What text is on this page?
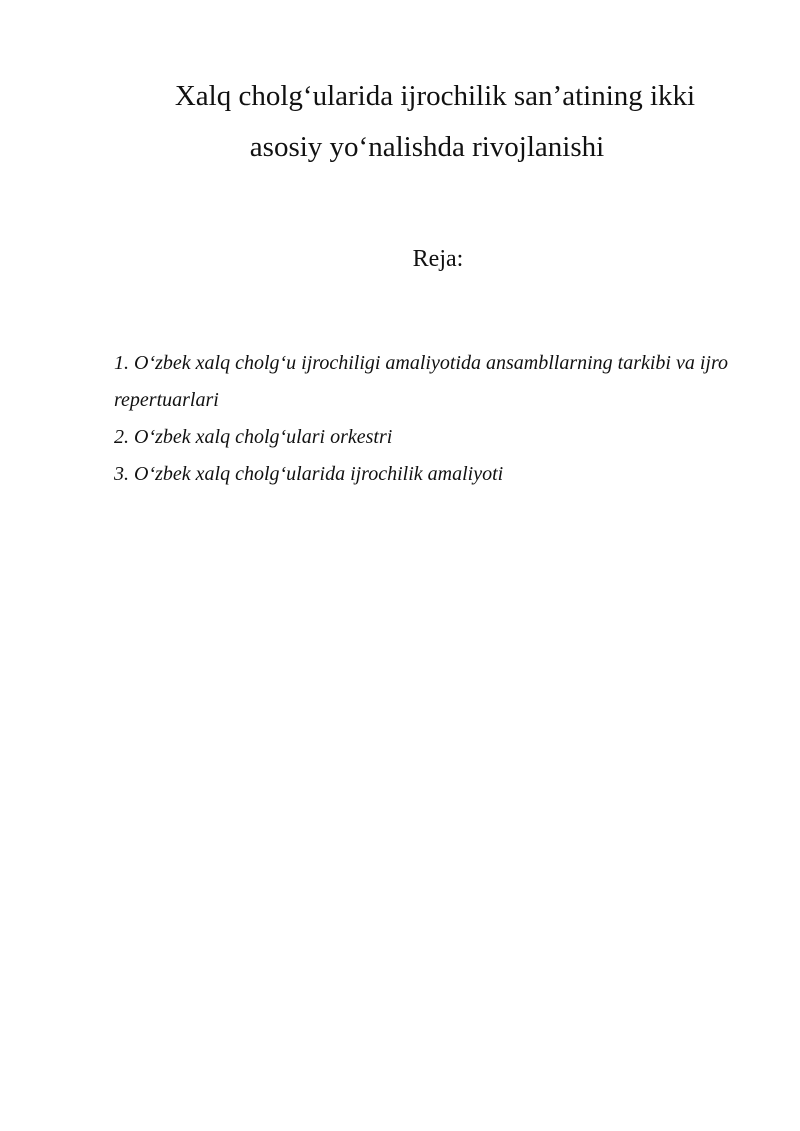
Xalq cholg‘ularida ijrochilik san’atining ikki
asosiy yo‘nalishda rivojlanishi
Reja:
1. O‘zbek xalq cholg‘u ijrochiligi amaliyotida ansambllarning tarkibi va ijro repertuarlari
2. O‘zbek xalq cholg‘ulari orkestri
3. O‘zbek xalq cholg‘ularida ijrochilik amaliyoti
